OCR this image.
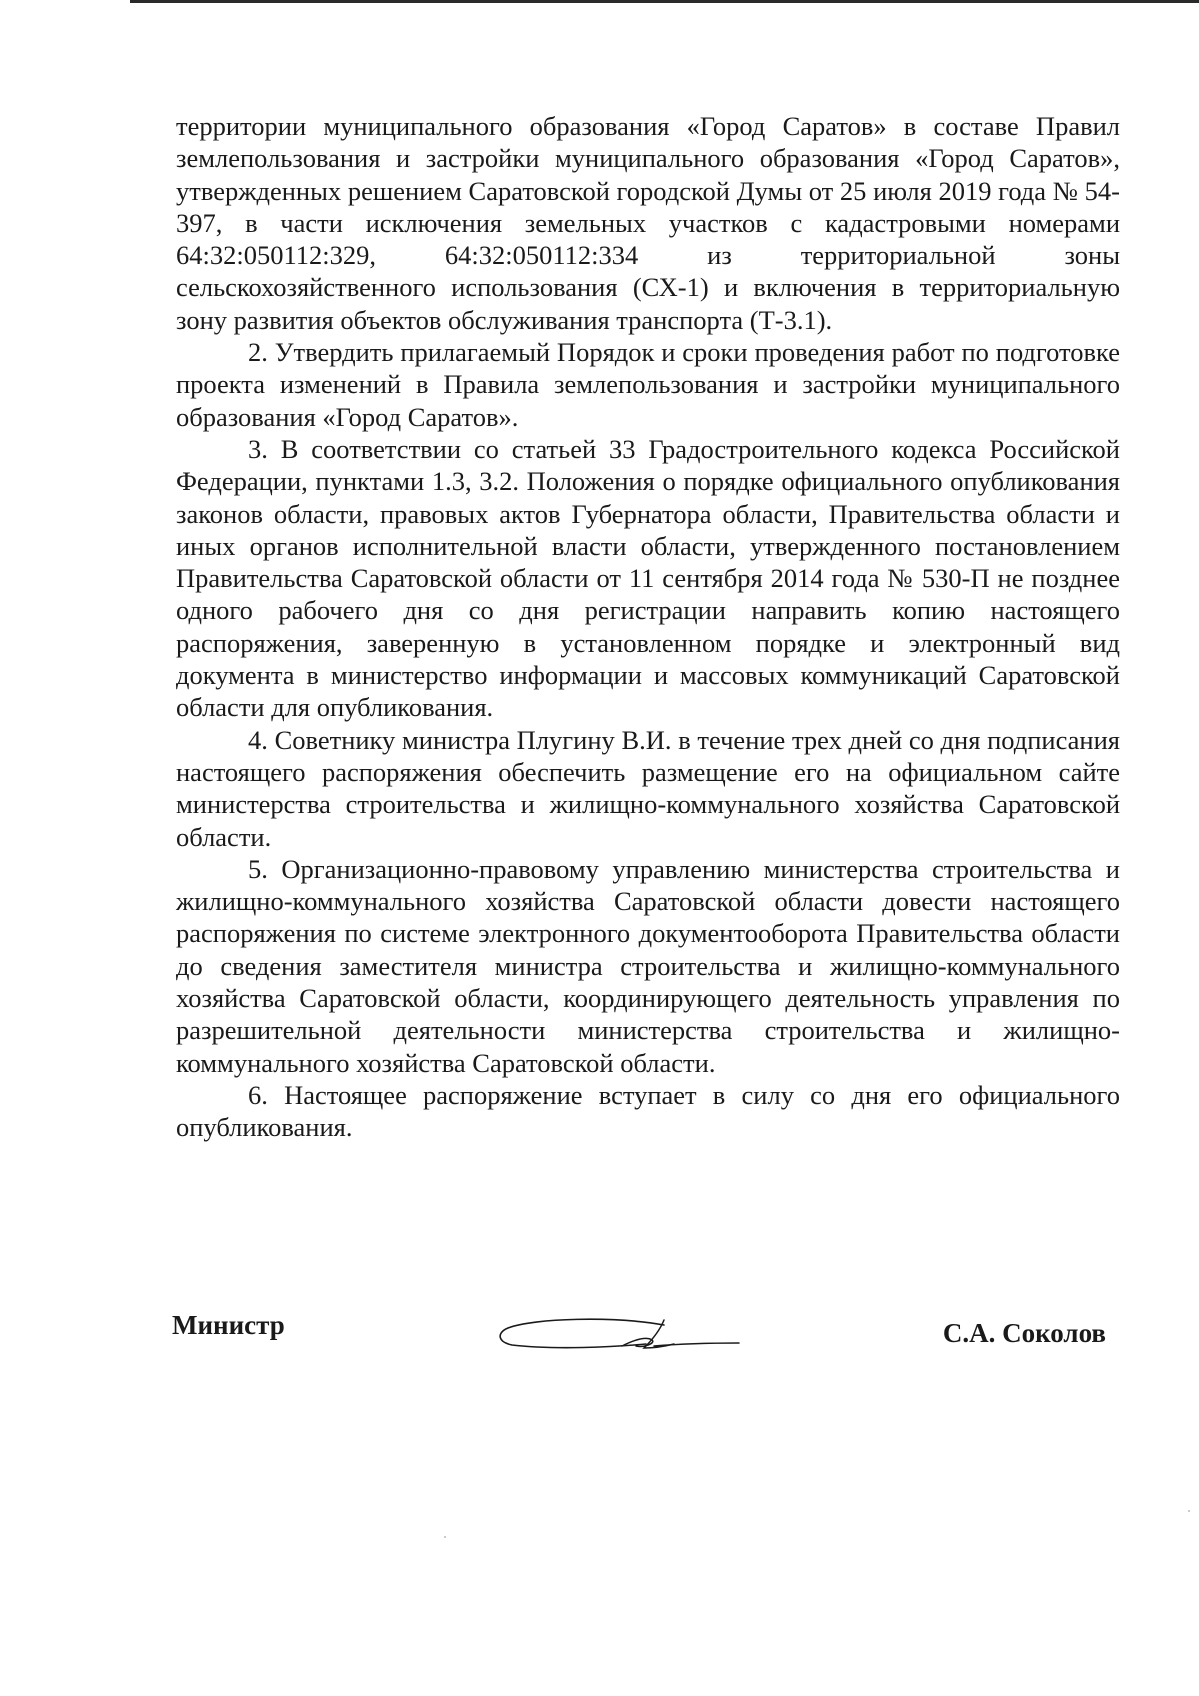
территории муниципального образования «Город Саратов» в составе Правил землепользования и застройки муниципального образования «Город Саратов», утвержденных решением Саратовской городской Думы от 25 июля 2019 года № 54-397, в части исключения земельных участков с кадастровыми номерами 64:32:050112:329, 64:32:050112:334 из территориальной зоны сельскохозяйственного использования (СХ-1) и включения в территориальную зону развития объектов обслуживания транспорта (Т-3.1).

2. Утвердить прилагаемый Порядок и сроки проведения работ по подготовке проекта изменений в Правила землепользования и застройки муниципального образования «Город Саратов».

3. В соответствии со статьей 33 Градостроительного кодекса Российской Федерации, пунктами 1.3, 3.2. Положения о порядке официального опубликования законов области, правовых актов Губернатора области, Правительства области и иных органов исполнительной власти области, утвержденного постановлением Правительства Саратовской области от 11 сентября 2014 года № 530-П не позднее одного рабочего дня со дня регистрации направить копию настоящего распоряжения, заверенную в установленном порядке и электронный вид документа в министерство информации и массовых коммуникаций Саратовской области для опубликования.

4. Советнику министра Плугину В.И. в течение трех дней со дня подписания настоящего распоряжения обеспечить размещение его на официальном сайте министерства строительства и жилищно-коммунального хозяйства Саратовской области.

5. Организационно-правовому управлению министерства строительства и жилищно-коммунального хозяйства Саратовской области довести настоящего распоряжения по системе электронного документооборота Правительства области до сведения заместителя министра строительства и жилищно-коммунального хозяйства Саратовской области, координирующего деятельность управления по разрешительной деятельности министерства строительства и жилищно-коммунального хозяйства Саратовской области.

6. Настоящее распоряжение вступает в силу со дня его официального опубликования.

Министр	С.А. Соколов
